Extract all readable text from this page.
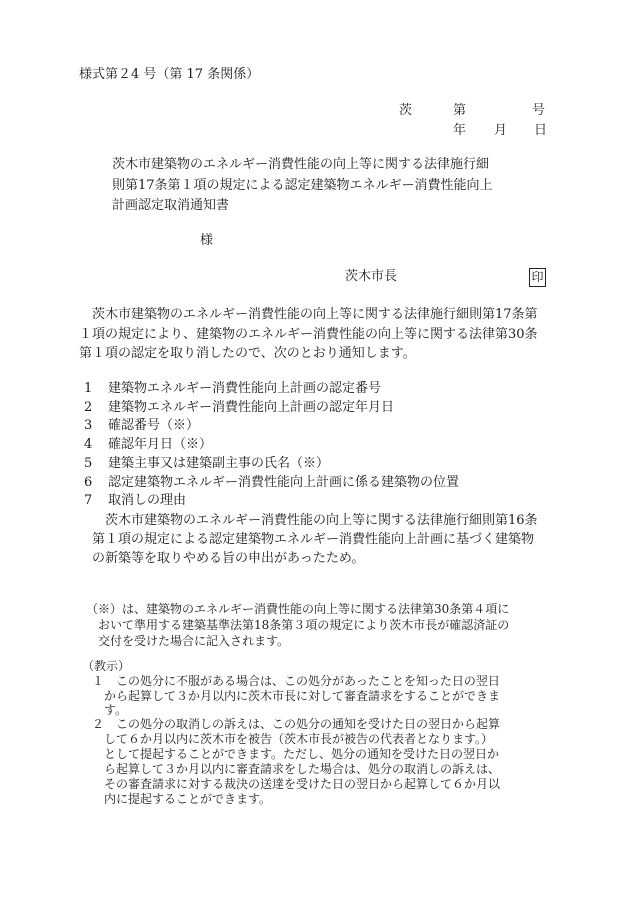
様式第２4 号（第 17 条関係）
茨	第	号
年 月 日
茨木市建築物のエネルギー消費性能の向上等に関する法律施行細
則第17条第１項の規定による認定建築物エネルギー消費性能向上
計画認定取消通知書
様
茨木市長	印
茨木市建築物のエネルギー消費性能の向上等に関する法律施行細則第17条第
１項の規定により、建築物のエネルギー消費性能の向上等に関する法律第30条
第１項の認定を取り消したので、次のとおり通知します。
1 建築物エネルギー消費性能向上計画の認定番号
2 建築物エネルギー消費性能向上計画の認定年月日
3 確認番号（※）
4 確認年月日（※）
5 建築主事又は建築副主事の氏名（※）
6 認定建築物エネルギー消費性能向上計画に係る建築物の位置
7 取消しの理由
茨木市建築物のエネルギー消費性能の向上等に関する法律施行細則第16条
第１項の規定による認定建築物エネルギー消費性能向上計画に基づく建築物
の新築等を取りやめる旨の申出があったため。
（※）は、建築物のエネルギー消費性能の向上等に関する法律第30条第４項に
おいて準用する建築基準法第18条第３項の規定により茨木市長が確認済証の
交付を受けた場合に記入されます。
（教示）
１　この処分に不服がある場合は、この処分があったことを知った日の翌日
から起算して３か月以内に茨木市長に対して審査請求をすることができま
す。
２　この処分の取消しの訴えは、この処分の通知を受けた日の翌日から起算
して６か月以内に茨木市を被告（茨木市長が被告の代表者となります。）
として提起することができます。ただし、処分の通知を受けた日の翌日か
ら起算して３か月以内に審査請求をした場合は、処分の取消しの訴えは、
その審査請求に対する裁決の送達を受けた日の翌日から起算して６か月以
内に提起することができます。
